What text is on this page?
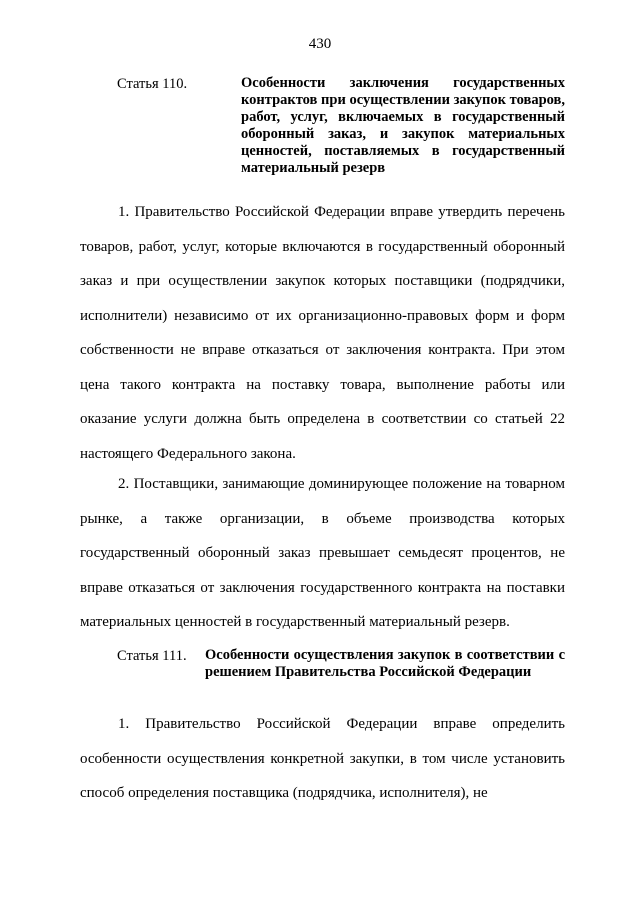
430
Статья 110.	Особенности заключения государственных контрактов при осуществлении закупок товаров, работ, услуг, включаемых в государственный оборонный заказ, и закупок материальных ценностей, поставляемых в государственный материальный резерв

1. Правительство Российской Федерации вправе утвердить перечень товаров, работ, услуг, которые включаются в государственный оборонный заказ и при осуществлении закупок которых поставщики (подрядчики, исполнители) независимо от их организационно-правовых форм и форм собственности не вправе отказаться от заключения контракта. При этом цена такого контракта на поставку товара, выполнение работы или оказание услуги должна быть определена в соответствии со статьей 22 настоящего Федерального закона.

2. Поставщики, занимающие доминирующее положение на товарном рынке, а также организации, в объеме производства которых государственный оборонный заказ превышает семьдесят процентов, не вправе отказаться от заключения государственного контракта на поставки материальных ценностей в государственный материальный резерв.

Статья 111.	Особенности осуществления закупок в соответствии с решением Правительства Российской Федерации

1. Правительство Российской Федерации вправе определить особенности осуществления конкретной закупки, в том числе установить способ определения поставщика (подрядчика, исполнителя), не
